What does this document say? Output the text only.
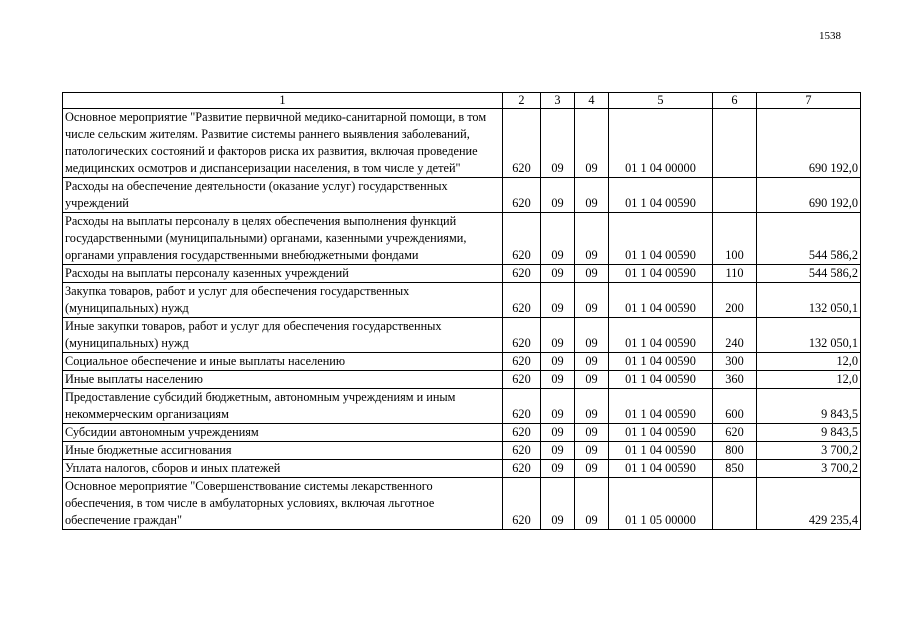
1538
1	2	3	4	5	6	7
Основное мероприятие "Развитие первичной медико-санитарной помощи, в том числе сельским жителям. Развитие системы раннего выявления заболеваний, патологических состояний и факторов риска их развития, включая проведение медицинских осмотров и диспансеризации населения, в том числе у детей"	620	09	09	01 1 04 00000		690 192,0
Расходы на обеспечение деятельности (оказание услуг) государственных учреждений	620	09	09	01 1 04 00590		690 192,0
Расходы на выплаты персоналу в целях обеспечения выполнения функций государственными (муниципальными) органами, казенными учреждениями, органами управления государственными внебюджетными фондами	620	09	09	01 1 04 00590	100	544 586,2
Расходы на выплаты персоналу казенных учреждений	620	09	09	01 1 04 00590	110	544 586,2
Закупка товаров, работ и услуг для обеспечения государственных (муниципальных) нужд	620	09	09	01 1 04 00590	200	132 050,1
Иные закупки товаров, работ и услуг для обеспечения государственных (муниципальных) нужд	620	09	09	01 1 04 00590	240	132 050,1
Социальное обеспечение и иные выплаты населению	620	09	09	01 1 04 00590	300	12,0
Иные выплаты населению	620	09	09	01 1 04 00590	360	12,0
Предоставление субсидий бюджетным, автономным учреждениям и иным некоммерческим организациям	620	09	09	01 1 04 00590	600	9 843,5
Субсидии автономным учреждениям	620	09	09	01 1 04 00590	620	9 843,5
Иные бюджетные ассигнования	620	09	09	01 1 04 00590	800	3 700,2
Уплата налогов, сборов и иных платежей	620	09	09	01 1 04 00590	850	3 700,2
Основное мероприятие "Совершенствование системы лекарственного обеспечения, в том числе в амбулаторных условиях, включая льготное обеспечение граждан"	620	09	09	01 1 05 00000		429 235,4
